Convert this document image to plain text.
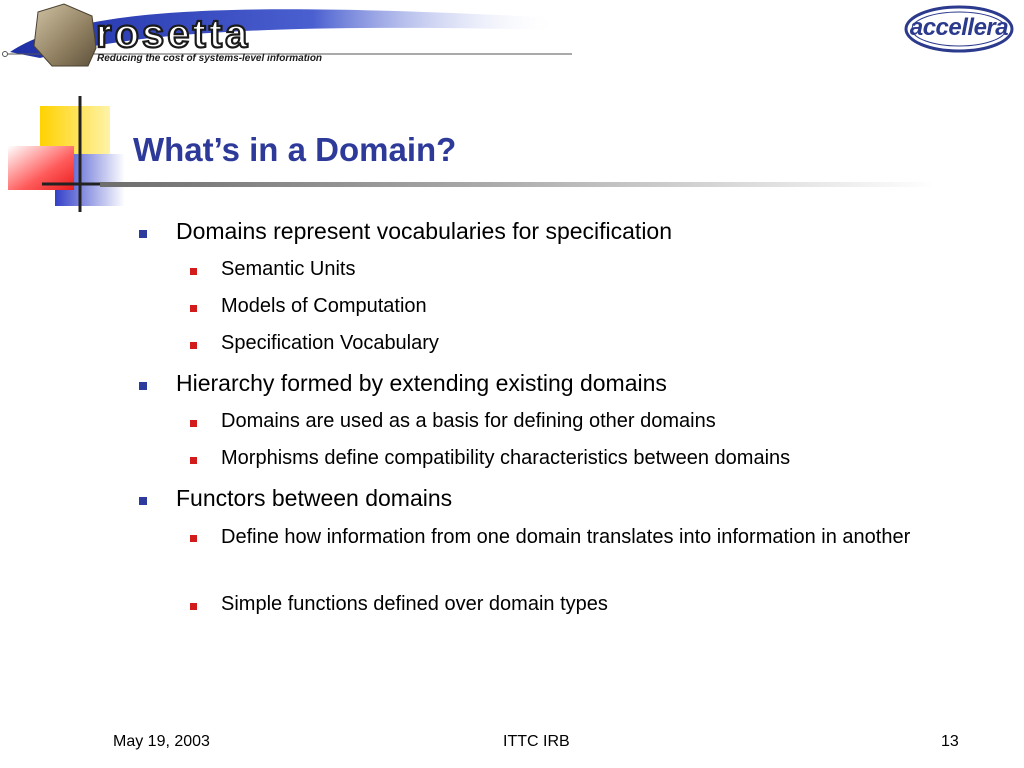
rosetta
Reducing the cost of systems-level information
accellera
What’s in a Domain?
Domains represent vocabularies for specification
Semantic Units
Models of Computation
Specification Vocabulary
Hierarchy formed by extending existing domains
Domains are used as a basis for defining other domains
Morphisms define compatibility characteristics between domains
Functors between domains
Define how information from one domain translates into information in another
Simple functions defined over domain types
May 19, 2003	ITTC IRB	13
